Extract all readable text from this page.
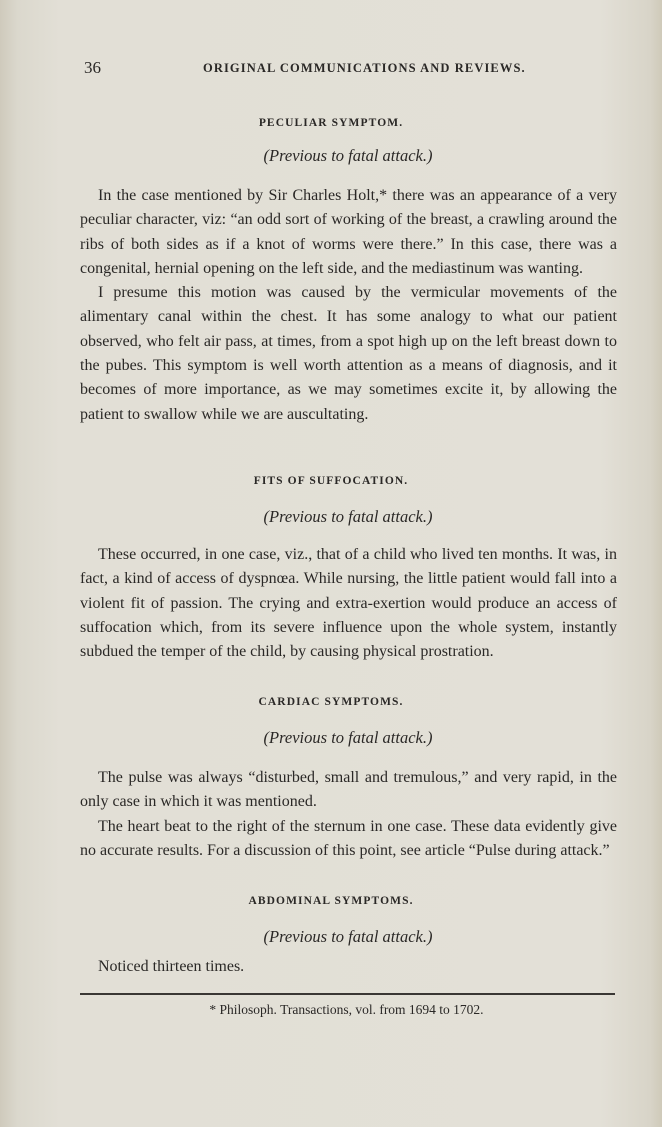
36	ORIGINAL COMMUNICATIONS AND REVIEWS.
PECULIAR SYMPTOM.
(Previous to fatal attack.)

In the case mentioned by Sir Charles Holt,* there was an appearance of a very peculiar character, viz: “an odd sort of working of the breast, a crawling around the ribs of both sides as if a knot of worms were there.” In this case, there was a congenital, hernial opening on the left side, and the mediastinum was wanting.

I presume this motion was caused by the vermicular movements of the alimentary canal within the chest. It has some analogy to what our patient observed, who felt air pass, at times, from a spot high up on the left breast down to the pubes. This symptom is well worth attention as a means of diagnosis, and it becomes of more importance, as we may sometimes excite it, by allowing the patient to swallow while we are auscultating.

FITS OF SUFFOCATION.
(Previous to fatal attack.)

These occurred, in one case, viz., that of a child who lived ten months. It was, in fact, a kind of access of dyspnœa. While nursing, the little patient would fall into a violent fit of passion. The crying and extra-exertion would produce an access of suffocation which, from its severe influence upon the whole system, instantly subdued the temper of the child, by causing physical prostration.

CARDIAC SYMPTOMS.
(Previous to fatal attack.)

The pulse was always “disturbed, small and tremulous,” and very rapid, in the only case in which it was mentioned.

The heart beat to the right of the sternum in one case. These data evidently give no accurate results. For a discussion of this point, see article “Pulse during attack.”

ABDOMINAL SYMPTOMS.
(Previous to fatal attack.)

Noticed thirteen times.

* Philosoph. Transactions, vol. from 1694 to 1702.
